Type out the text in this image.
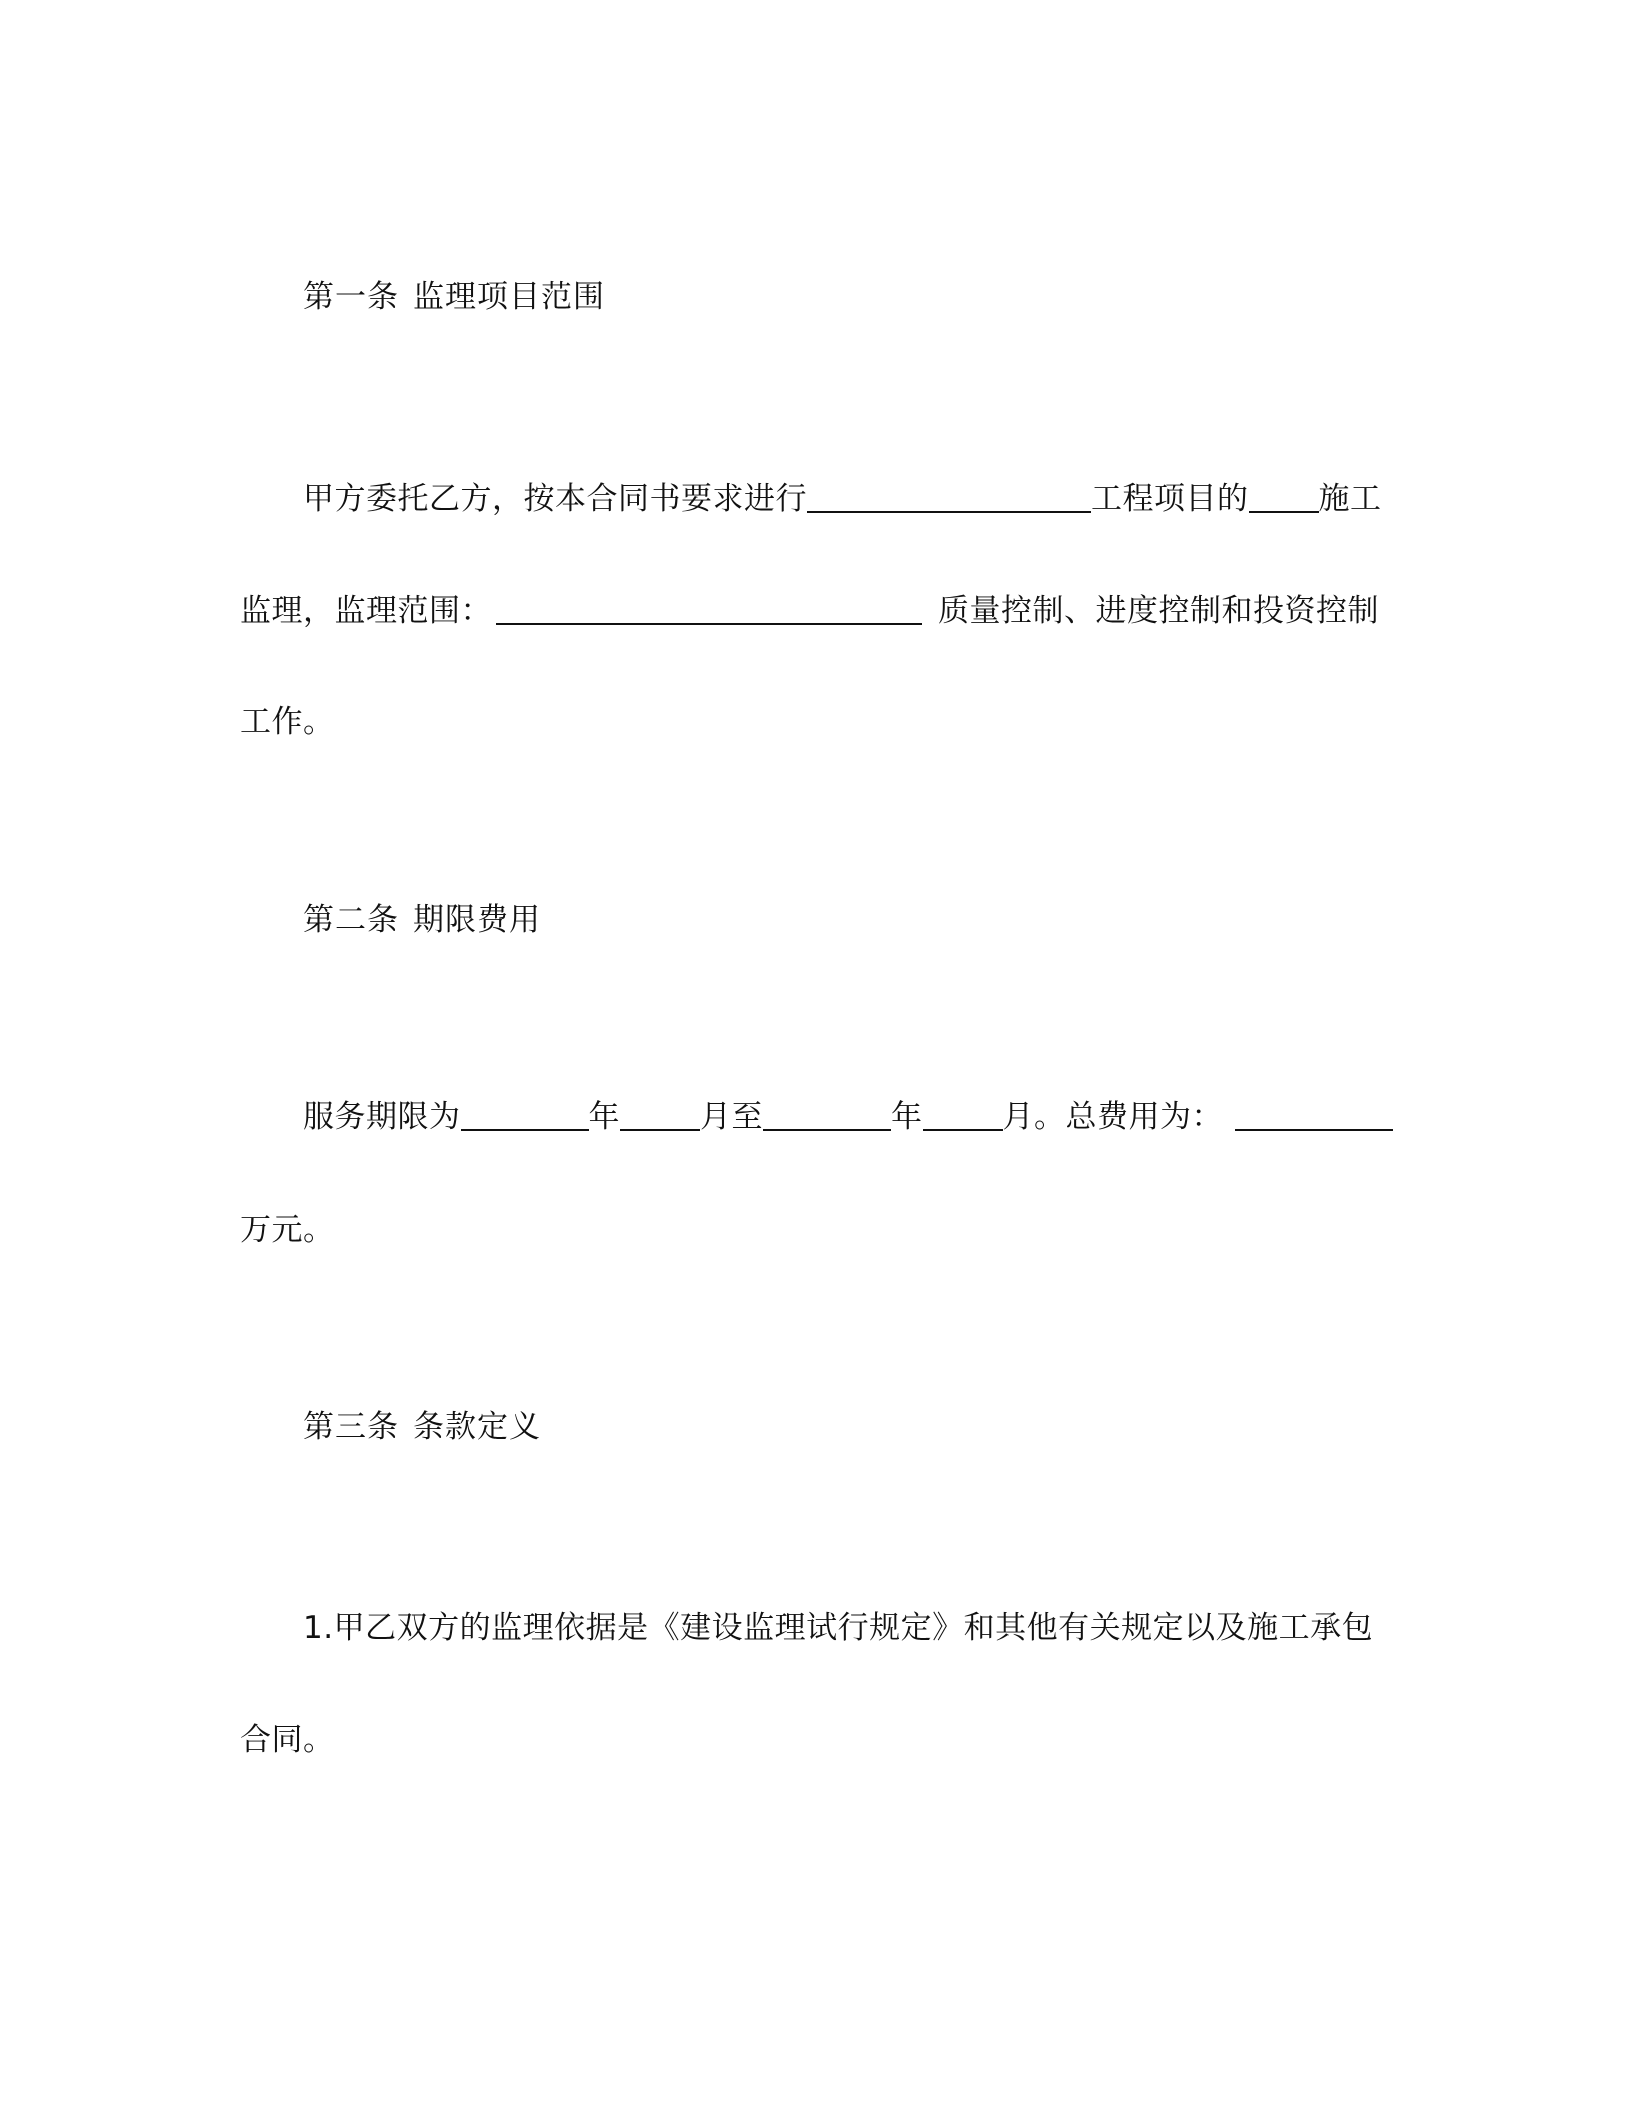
第一条 监理项目范围
甲方委托乙方，按本合同书要求进行	工程项目的 施工
监理，监理范围：	质量控制、进度控制和投资控制
工作。
第二条 期限费用
服务期限为	年	月至	年	月。总费用为：
万元。
第三条 条款定义
1.甲乙双方的监理依据是《建设监理试行规定》和其他有关规定以及施工承包
合同。
